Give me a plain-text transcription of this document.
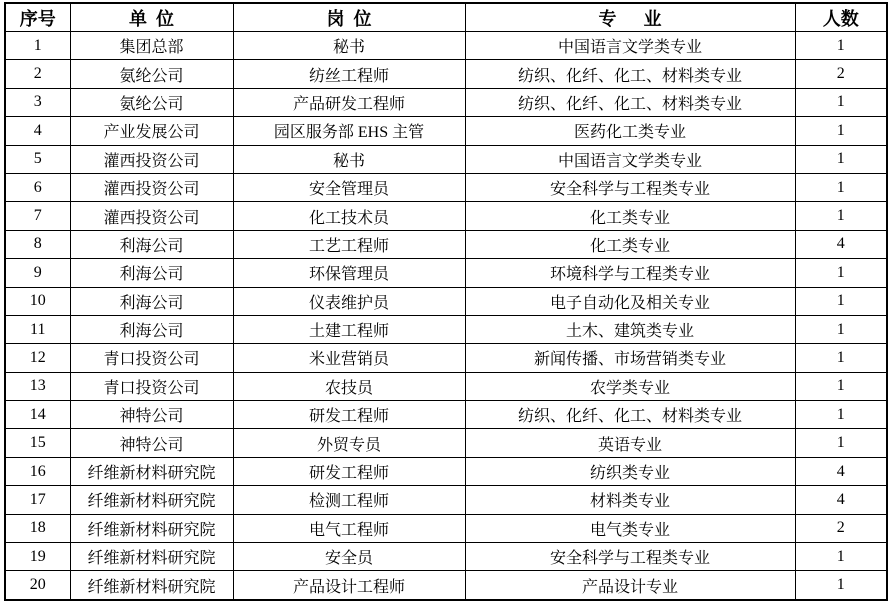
序号	单  位	岗  位	专      业	人数
1	集团总部	秘书	中国语言文学类专业	1
2	氨纶公司	纺丝工程师	纺织、化纤、化工、材料类专业	2
3	氨纶公司	产品研发工程师	纺织、化纤、化工、材料类专业	1
4	产业发展公司	园区服务部 EHS 主管	医药化工类专业	1
5	灌西投资公司	秘书	中国语言文学类专业	1
6	灌西投资公司	安全管理员	安全科学与工程类专业	1
7	灌西投资公司	化工技术员	化工类专业	1
8	利海公司	工艺工程师	化工类专业	4
9	利海公司	环保管理员	环境科学与工程类专业	1
10	利海公司	仪表维护员	电子自动化及相关专业	1
11	利海公司	土建工程师	土木、建筑类专业	1
12	青口投资公司	米业营销员	新闻传播、市场营销类专业	1
13	青口投资公司	农技员	农学类专业	1
14	神特公司	研发工程师	纺织、化纤、化工、材料类专业	1
15	神特公司	外贸专员	英语专业	1
16	纤维新材料研究院	研发工程师	纺织类专业	4
17	纤维新材料研究院	检测工程师	材料类专业	4
18	纤维新材料研究院	电气工程师	电气类专业	2
19	纤维新材料研究院	安全员	安全科学与工程类专业	1
20	纤维新材料研究院	产品设计工程师	产品设计专业	1
